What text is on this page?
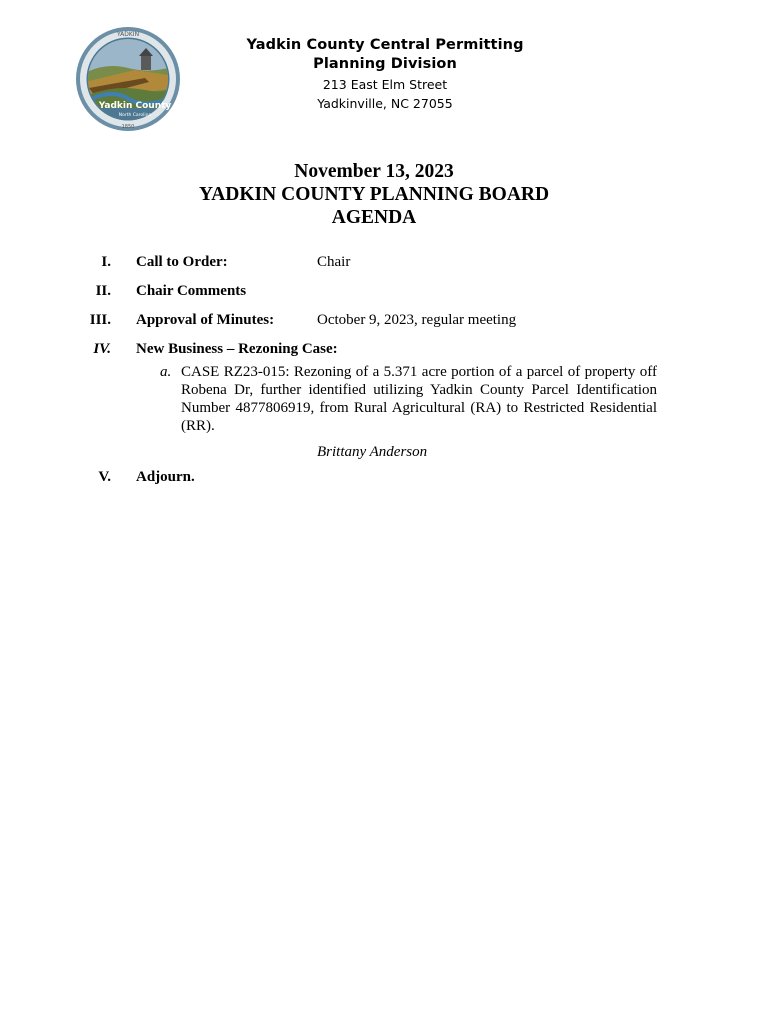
YADKIN
Yadkin County
North Carolina
1850
Yadkin County Central Permitting
Planning Division
213 East Elm Street
Yadkinville, NC 27055
November 13, 2023
YADKIN COUNTY PLANNING BOARD
AGENDA
I. Call to Order:	Chair
II. Chair Comments
III. Approval of Minutes:	October 9, 2023, regular meeting
IV. New Business – Rezoning Case:
a. CASE RZ23-015: Rezoning of a 5.371 acre portion of a parcel of property off Robena Dr, further identified utilizing Yadkin County Parcel Identification Number 4877806919, from Rural Agricultural (RA) to Restricted Residential (RR).
Brittany Anderson
V. Adjourn.
